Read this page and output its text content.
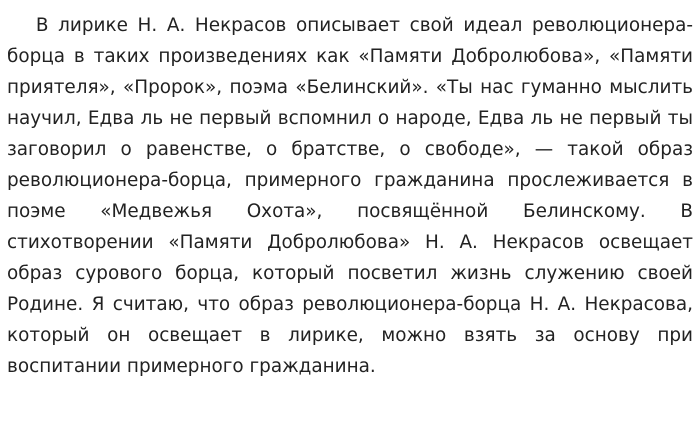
В лирике Н. А. Некрасов описывает свой идеал революционера-
борца в таких произведениях как «Памяти Добролюбова», «Памяти
приятеля», «Пророк», поэма «Белинский». «Ты нас гуманно мыслить
научил, Едва ль не первый вспомнил о народе, Едва ль не первый ты
заговорил о равенстве, о братстве, о свободе», — такой образ
революционера-борца, примерного гражданина прослеживается в
поэме «Медвежья Охота», посвящённой Белинскому. В
стихотворении «Памяти Добролюбова» Н. А. Некрасов освещает
образ сурового борца, который посветил жизнь служению своей
Родине. Я считаю, что образ революционера-борца Н. А. Некрасова,
который он освещает в лирике, можно взять за основу при
воспитании примерного гражданина.
